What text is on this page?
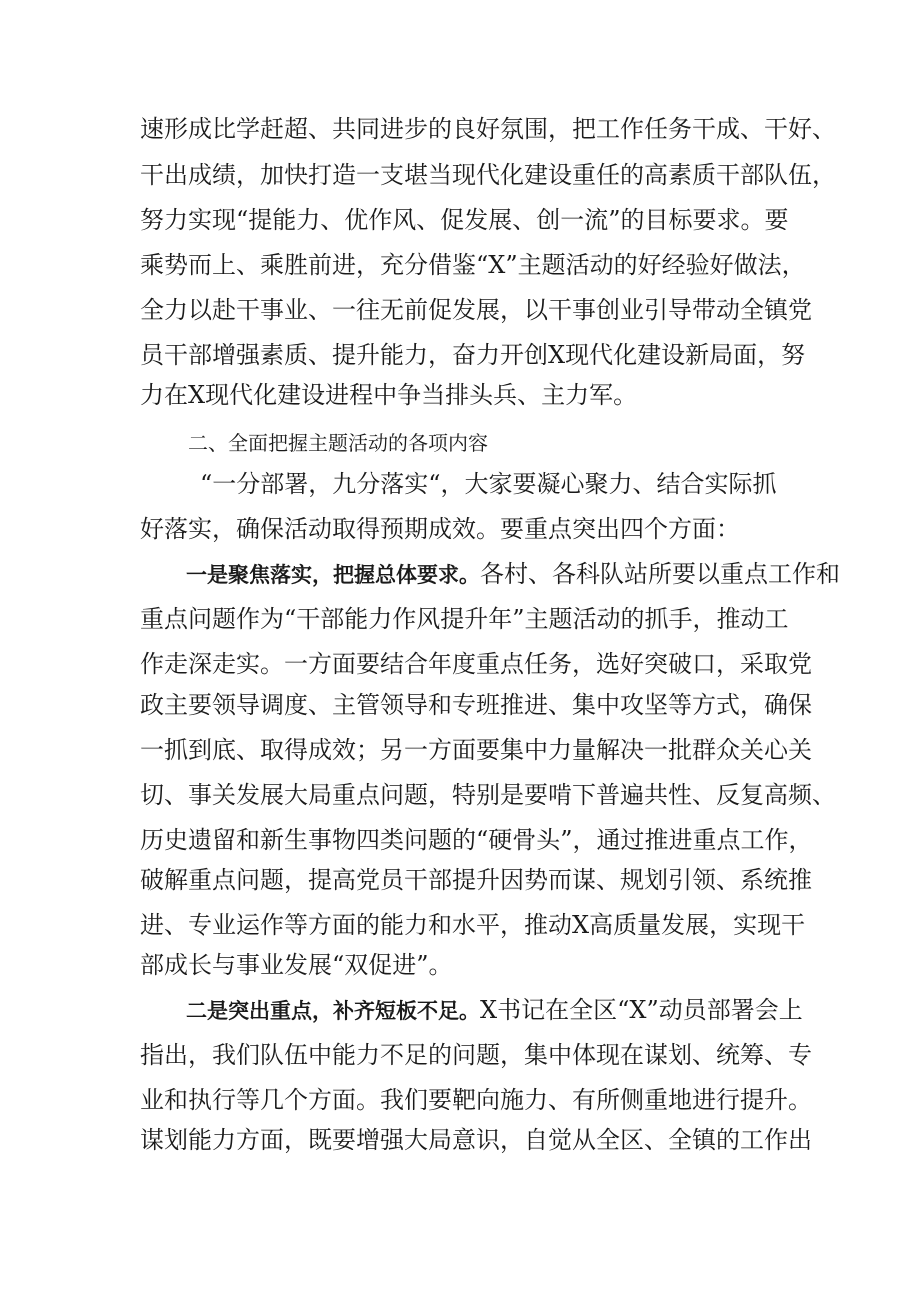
速形成比学赶超、共同进步的良好氛围，把工作任务干成、干好、
干出成绩，加快打造一支堪当现代化建设重任的高素质干部队伍，
努力实现“提能力、优作风、促发展、创一流”的目标要求。要
乘势而上、乘胜前进，充分借鉴“X”主题活动的好经验好做法，
全力以赴干事业、一往无前促发展，以干事创业引导带动全镇党
员干部增强素质、提升能力，奋力开创X现代化建设新局面，努
力在X现代化建设进程中争当排头兵、主力军。
二、全面把握主题活动的各项内容
“一分部署，九分落实“，大家要凝心聚力、结合实际抓
好落实，确保活动取得预期成效。要重点突出四个方面：
一是聚焦落实，把握总体要求。各村、各科队站所要以重点工作和
重点问题作为“干部能力作风提升年”主题活动的抓手，推动工
作走深走实。一方面要结合年度重点任务，选好突破口，采取党
政主要领导调度、主管领导和专班推进、集中攻坚等方式，确保
一抓到底、取得成效；另一方面要集中力量解决一批群众关心关
切、事关发展大局重点问题，特别是要啃下普遍共性、反复高频、
历史遗留和新生事物四类问题的“硬骨头”，通过推进重点工作，
破解重点问题，提高党员干部提升因势而谋、规划引领、系统推
进、专业运作等方面的能力和水平，推动X高质量发展，实现干
部成长与事业发展“双促进”。
二是突出重点，补齐短板不足。X书记在全区“X”动员部署会上
指出，我们队伍中能力不足的问题，集中体现在谋划、统筹、专
业和执行等几个方面。我们要靶向施力、有所侧重地进行提升。
谋划能力方面，既要增强大局意识，自觉从全区、全镇的工作出
